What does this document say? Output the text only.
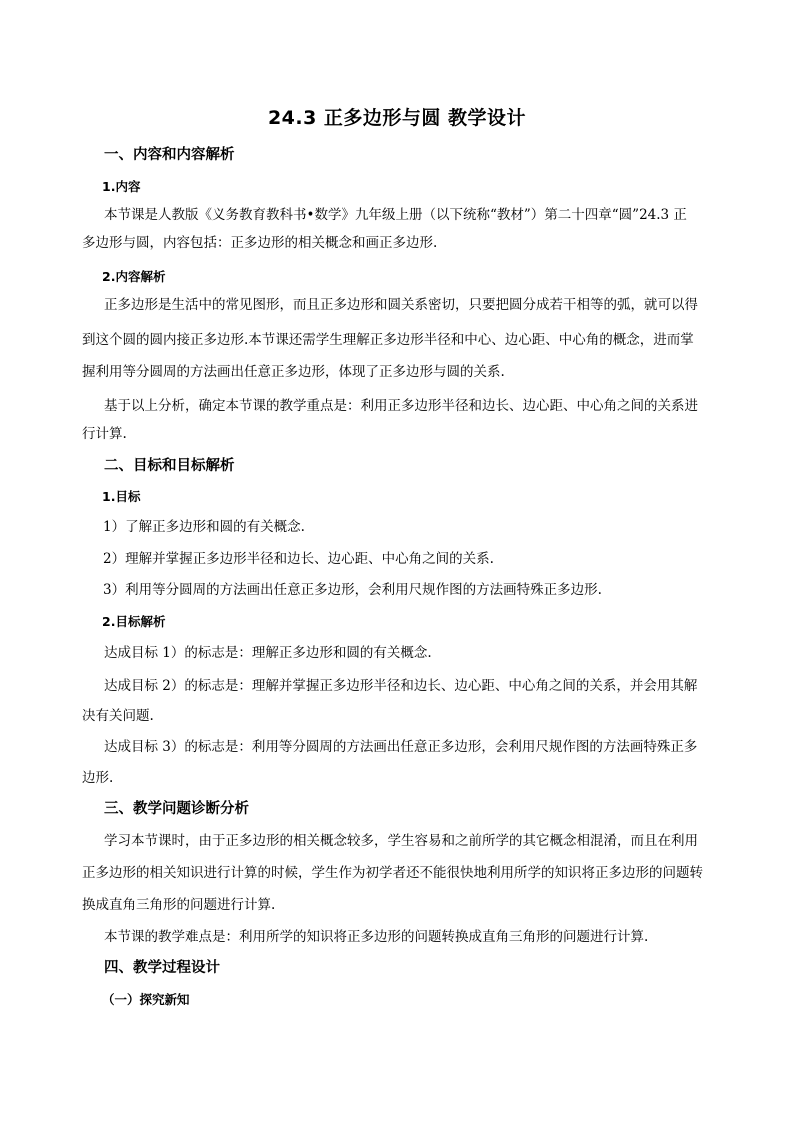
24.3 正多边形与圆 教学设计
一、内容和内容解析
1.内容
本节课是人教版《义务教育教科书•数学》九年级上册（以下统称“教材”）第二十四章“圆”24.3 正
多边形与圆，内容包括：正多边形的相关概念和画正多边形.
2.内容解析
正多边形是生活中的常见图形，而且正多边形和圆关系密切，只要把圆分成若干相等的弧，就可以得
到这个圆的圆内接正多边形.本节课还需学生理解正多边形半径和中心、边心距、中心角的概念，进而掌
握利用等分圆周的方法画出任意正多边形，体现了正多边形与圆的关系.
基于以上分析，确定本节课的教学重点是：利用正多边形半径和边长、边心距、中心角之间的关系进
行计算.
二、目标和目标解析
1.目标
1）了解正多边形和圆的有关概念.
2）理解并掌握正多边形半径和边长、边心距、中心角之间的关系.
3）利用等分圆周的方法画出任意正多边形，会利用尺规作图的方法画特殊正多边形.
2.目标解析
达成目标 1）的标志是：理解正多边形和圆的有关概念.
达成目标 2）的标志是：理解并掌握正多边形半径和边长、边心距、中心角之间的关系，并会用其解
决有关问题.
达成目标 3）的标志是：利用等分圆周的方法画出任意正多边形，会利用尺规作图的方法画特殊正多
边形.
三、教学问题诊断分析
学习本节课时，由于正多边形的相关概念较多，学生容易和之前所学的其它概念相混淆，而且在利用
正多边形的相关知识进行计算的时候，学生作为初学者还不能很快地利用所学的知识将正多边形的问题转
换成直角三角形的问题进行计算.
本节课的教学难点是：利用所学的知识将正多边形的问题转换成直角三角形的问题进行计算.
四、教学过程设计
（一）探究新知
